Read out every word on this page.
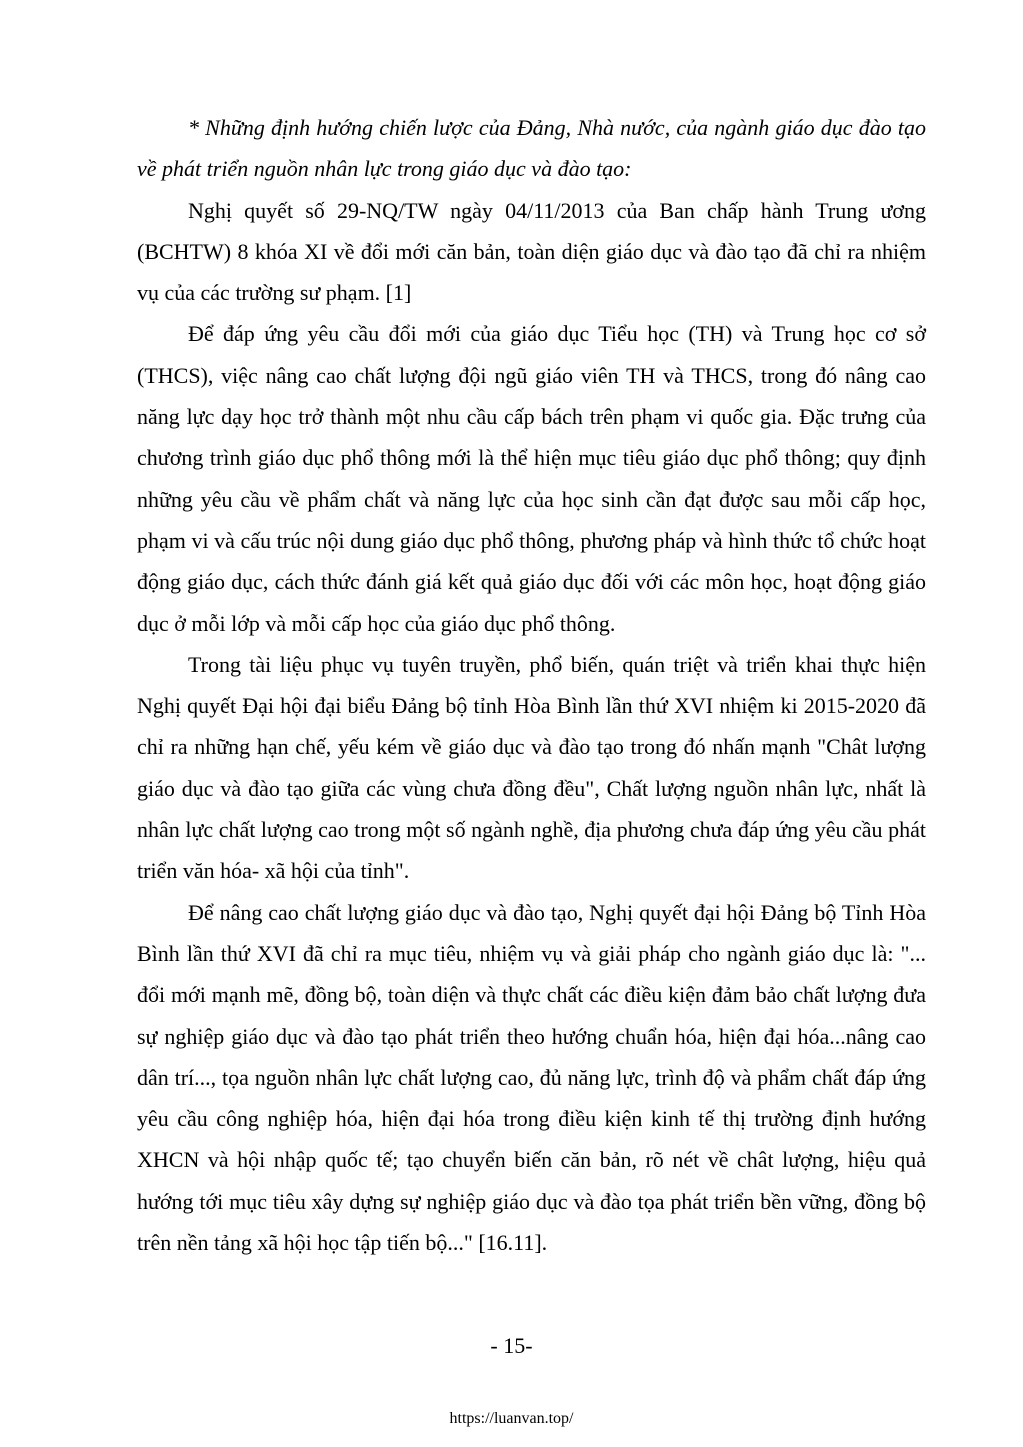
* Những định hướng chiến lược của Đảng, Nhà nước, của ngành giáo dục đào tạo về phát triển nguồn nhân lực trong giáo dục và đào tạo:

Nghị quyết số 29-NQ/TW ngày 04/11/2013 của Ban chấp hành Trung ương (BCHTW) 8 khóa XI về đổi mới căn bản, toàn diện giáo dục và đào tạo đã chỉ ra nhiệm vụ của các trường sư phạm. [1]

Để đáp ứng yêu cầu đổi mới của giáo dục Tiểu học (TH) và Trung học cơ sở (THCS), việc nâng cao chất lượng đội ngũ giáo viên TH và THCS, trong đó nâng cao năng lực dạy học trở thành một nhu cầu cấp bách trên phạm vi quốc gia. Đặc trưng của chương trình giáo dục phổ thông mới là thể hiện mục tiêu giáo dục phổ thông; quy định những yêu cầu về phẩm chất và năng lực của học sinh cần đạt được sau mỗi cấp học, phạm vi và cấu trúc nội dung giáo dục phổ thông, phương pháp và hình thức tổ chức hoạt động giáo dục, cách thức đánh giá kết quả giáo dục đối với các môn học, hoạt động giáo dục ở mỗi lớp và mỗi cấp học của giáo dục phổ thông.

Trong tài liệu phục vụ tuyên truyền, phổ biến, quán triệt và triển khai thực hiện Nghị quyết Đại hội đại biểu Đảng bộ tỉnh Hòa Bình lần thứ XVI nhiệm ki 2015-2020 đã chỉ ra những hạn chế, yếu kém về giáo dục và đào tạo trong đó nhấn mạnh "Chât lượng giáo dục và đào tạo giữa các vùng chưa đồng đều", Chất lượng nguồn nhân lực, nhất là nhân lực chất lượng cao trong một số ngành nghề, địa phương chưa đáp ứng yêu cầu phát triển văn hóa- xã hội của tỉnh".

Để nâng cao chất lượng giáo dục và đào tạo, Nghị quyết đại hội Đảng bộ Tỉnh Hòa Bình lần thứ XVI đã chỉ ra mục tiêu, nhiệm vụ và giải pháp cho ngành giáo dục là: "... đổi mới mạnh mẽ, đồng bộ, toàn diện và thực chất các điều kiện đảm bảo chất lượng đưa sự nghiệp giáo dục và đào tạo phát triển theo hướng chuẩn hóa, hiện đại hóa...nâng cao dân trí..., tọa nguồn nhân lực chất lượng cao, đủ năng lực, trình độ và phẩm chất đáp ứng yêu cầu công nghiệp hóa, hiện đại hóa trong điều kiện kinh tế thị trường định hướng XHCN và hội nhập quốc tế; tạo chuyển biến căn bản, rõ nét về chât lượng, hiệu quả hướng tới mục tiêu xây dựng sự nghiệp giáo dục và đào tọa phát triển bền vững, đồng bộ trên nền tảng xã hội học tập tiến bộ..." [16.11].

- 15-
https://luanvan.top/
